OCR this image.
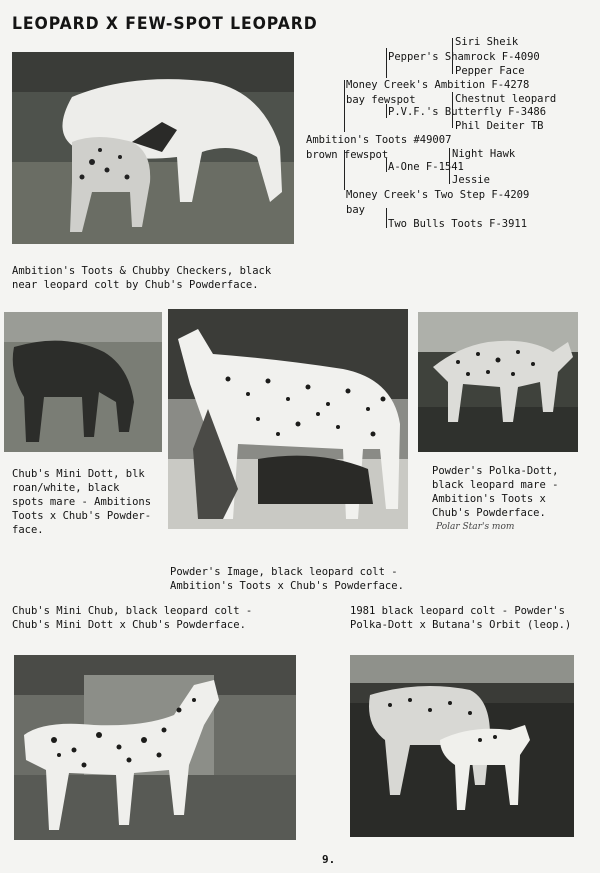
LEOPARD X FEW-SPOT LEOPARD
Siri Sheik
Pepper's Shamrock F-4090
Pepper Face
Money Creek's Ambition F-4278
bay fewspot	Chestnut leopard
P.V.F.'s Butterfly F-3486
Phil Deiter TB
Ambition's Toots #49007
brown fewspot	Night Hawk
A-One F-1541
Jessie
Money Creek's Two Step F-4209
bay
Two Bulls Toots F-3911
Ambition's Toots & Chubby Checkers, black
near leopard colt by Chub's Powderface.
Chub's Mini Dott, blk
roan/white, black
spots mare - Ambitions
Toots x Chub's Powder-
face.
Powder's Polka-Dott,
black leopard mare -
Ambition's Toots x
Chub's Powderface.
Polar Star's mom
Powder's Image, black leopard colt -
Ambition's Toots x Chub's Powderface.
Chub's Mini Chub, black leopard colt -
Chub's Mini Dott x Chub's Powderface.
1981 black leopard colt - Powder's
Polka-Dott x Butana's Orbit (leop.)
9.
